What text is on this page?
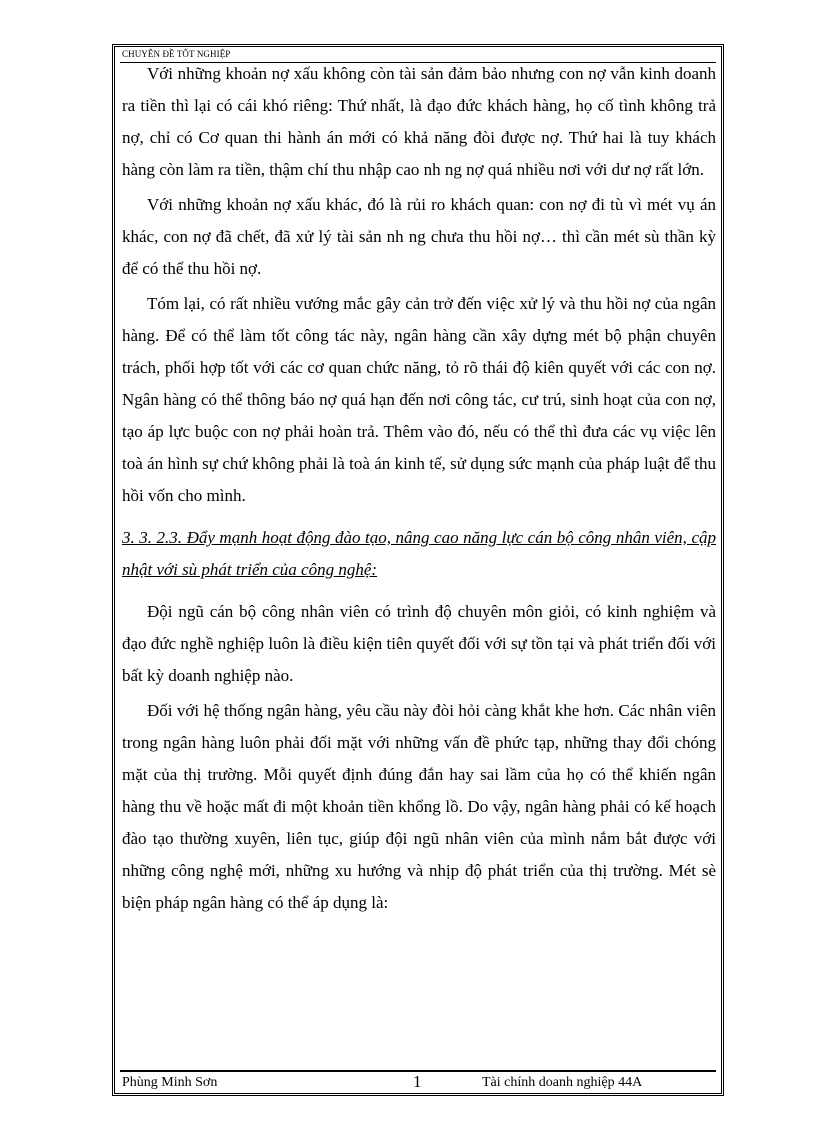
CHUYÊN ĐỀ TỐT NGHIỆP

Với những khoản nợ xấu không còn tài sản đảm bảo nhưng con nợ vẫn kinh doanh ra tiền thì lại có cái khó riêng: Thứ nhất, là đạo đức khách hàng, họ cố tình không trả nợ, chỉ có Cơ quan thi hành án mới có khả năng đòi được nợ. Thứ hai là tuy khách hàng còn làm ra tiền, thậm chí thu nhập cao nh ng nợ quá nhiều nơi với dư nợ rất lớn.

Với những khoản nợ xấu khác, đó là rủi ro khách quan: con nợ đi tù vì mét vụ án khác, con nợ đã chết, đã xử lý tài sản nh ng chưa thu hồi nợ… thì cần mét sù thần kỳ để có thể thu hồi nợ.

Tóm lại, có rất nhiều vướng mắc gây cản trở đến việc xử lý và thu hồi nợ của ngân hàng. Để có thể làm tốt công tác này, ngân hàng cần xây dựng mét bộ phận chuyên trách, phối hợp tốt với các cơ quan chức năng, tỏ rõ thái độ kiên quyết với các con nợ. Ngân hàng có thể thông báo nợ quá hạn đến nơi công tác, cư trú, sinh hoạt của con nợ, tạo áp lực buộc con nợ phải hoàn trả. Thêm vào đó, nếu có thể thì đưa các vụ việc lên toà án hình sự chứ không phải là toà án kinh tế, sử dụng sức mạnh của pháp luật để thu hồi vốn cho mình.

3. 3. 2.3. Đẩy mạnh hoạt động đào tạo, nâng cao năng lực cán bộ công nhân viên, cập nhật với sù phát triển của công nghệ:

Đội ngũ cán bộ công nhân viên có trình độ chuyên môn giỏi, có kinh nghiệm và đạo đức nghề nghiệp luôn là điều kiện tiên quyết đối với sự tồn tại và phát triển đối với bất kỳ doanh nghiệp nào.

Đối với hệ thống ngân hàng, yêu cầu này đòi hỏi càng khắt khe hơn. Các nhân viên trong ngân hàng luôn phải đối mặt với những vấn đề phức tạp, những thay đổi chóng mặt của thị trường. Mỗi quyết định đúng đắn hay sai lầm của họ có thể khiến ngân hàng thu về hoặc mất đi một khoản tiền khổng lồ. Do vậy, ngân hàng phải có kế hoạch đào tạo thường xuyên, liên tục, giúp đội ngũ nhân viên của mình nắm bắt được với những công nghệ mới, những xu hướng và nhịp độ phát triển của thị trường. Mét sè biện pháp ngân hàng có thể áp dụng là:

Phùng Minh Sơn	1	Tài chính doanh nghiệp 44A
